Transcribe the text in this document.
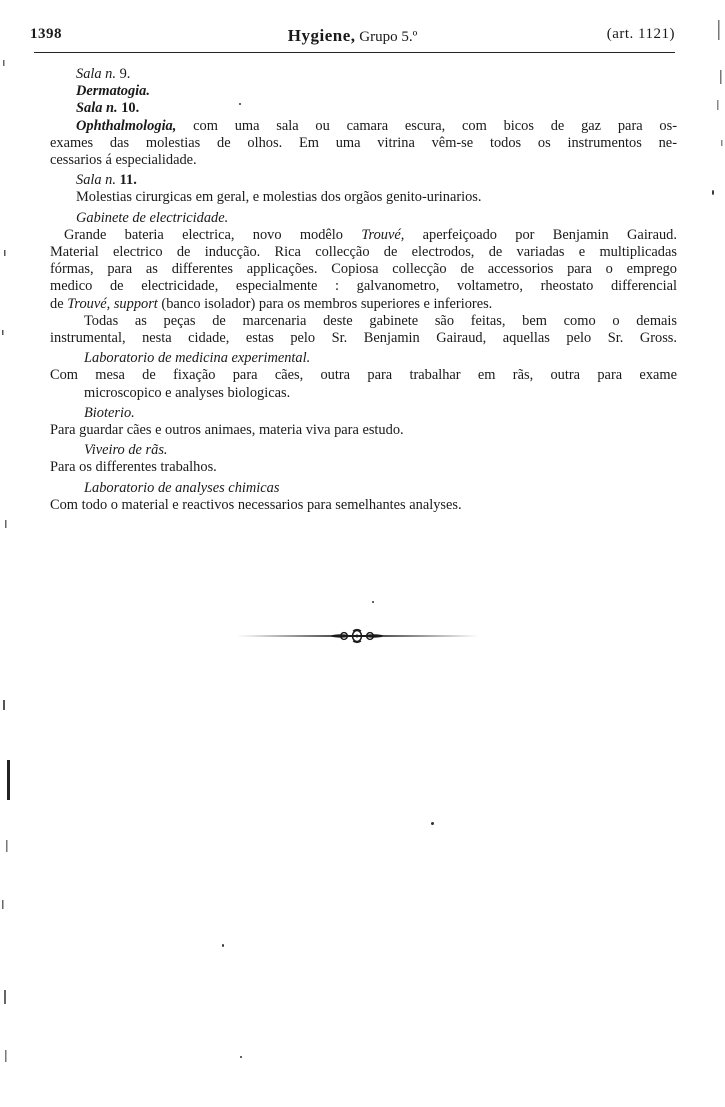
1398	Hygiene, Grupo 5.º	(art. 1121)
Sala n. 9.
Dermatogia.
Sala n. 10.
Ophthalmologia, com uma sala ou camara escura, com bicos de gaz para os-
exames das molestias de olhos. Em uma vitrina vêm-se todos os instrumentos ne-
cessarios á especialidade.
Sala n. 11.
Molestias cirurgicas em geral, e molestias dos orgãos genito-urinarios.
Gabinete de electricidade.
Grande bateria electrica, novo modêlo Trouvé, aperfeiçoado por Benjamin Gairaud.
Material electrico de inducção. Rica collecção de electrodos, de variadas e multiplicadas
fórmas, para as differentes applicações. Copiosa collecção de accessorios para o emprego
medico de electricidade, especialmente : galvanometro, voltametro, rheostato differencial
de Trouvé, support (banco isolador) para os membros superiores e inferiores.
Todas as peças de marcenaria deste gabinete são feitas, bem como o demais
instrumental, nesta cidade, estas pelo Sr. Benjamin Gairaud, aquellas pelo Sr. Gross.
Laboratorio de medicina experimental.
Com mesa de fixação para cães, outra para trabalhar em rãs, outra para exame
microscopico e analyses biologicas.
Bioterio.
Para guardar cães e outros animaes, materia viva para estudo.
Viveiro de rãs.
Para os differentes trabalhos.
Laboratorio de analyses chimicas
Com todo o material e reactivos necessarios para semelhantes analyses.
